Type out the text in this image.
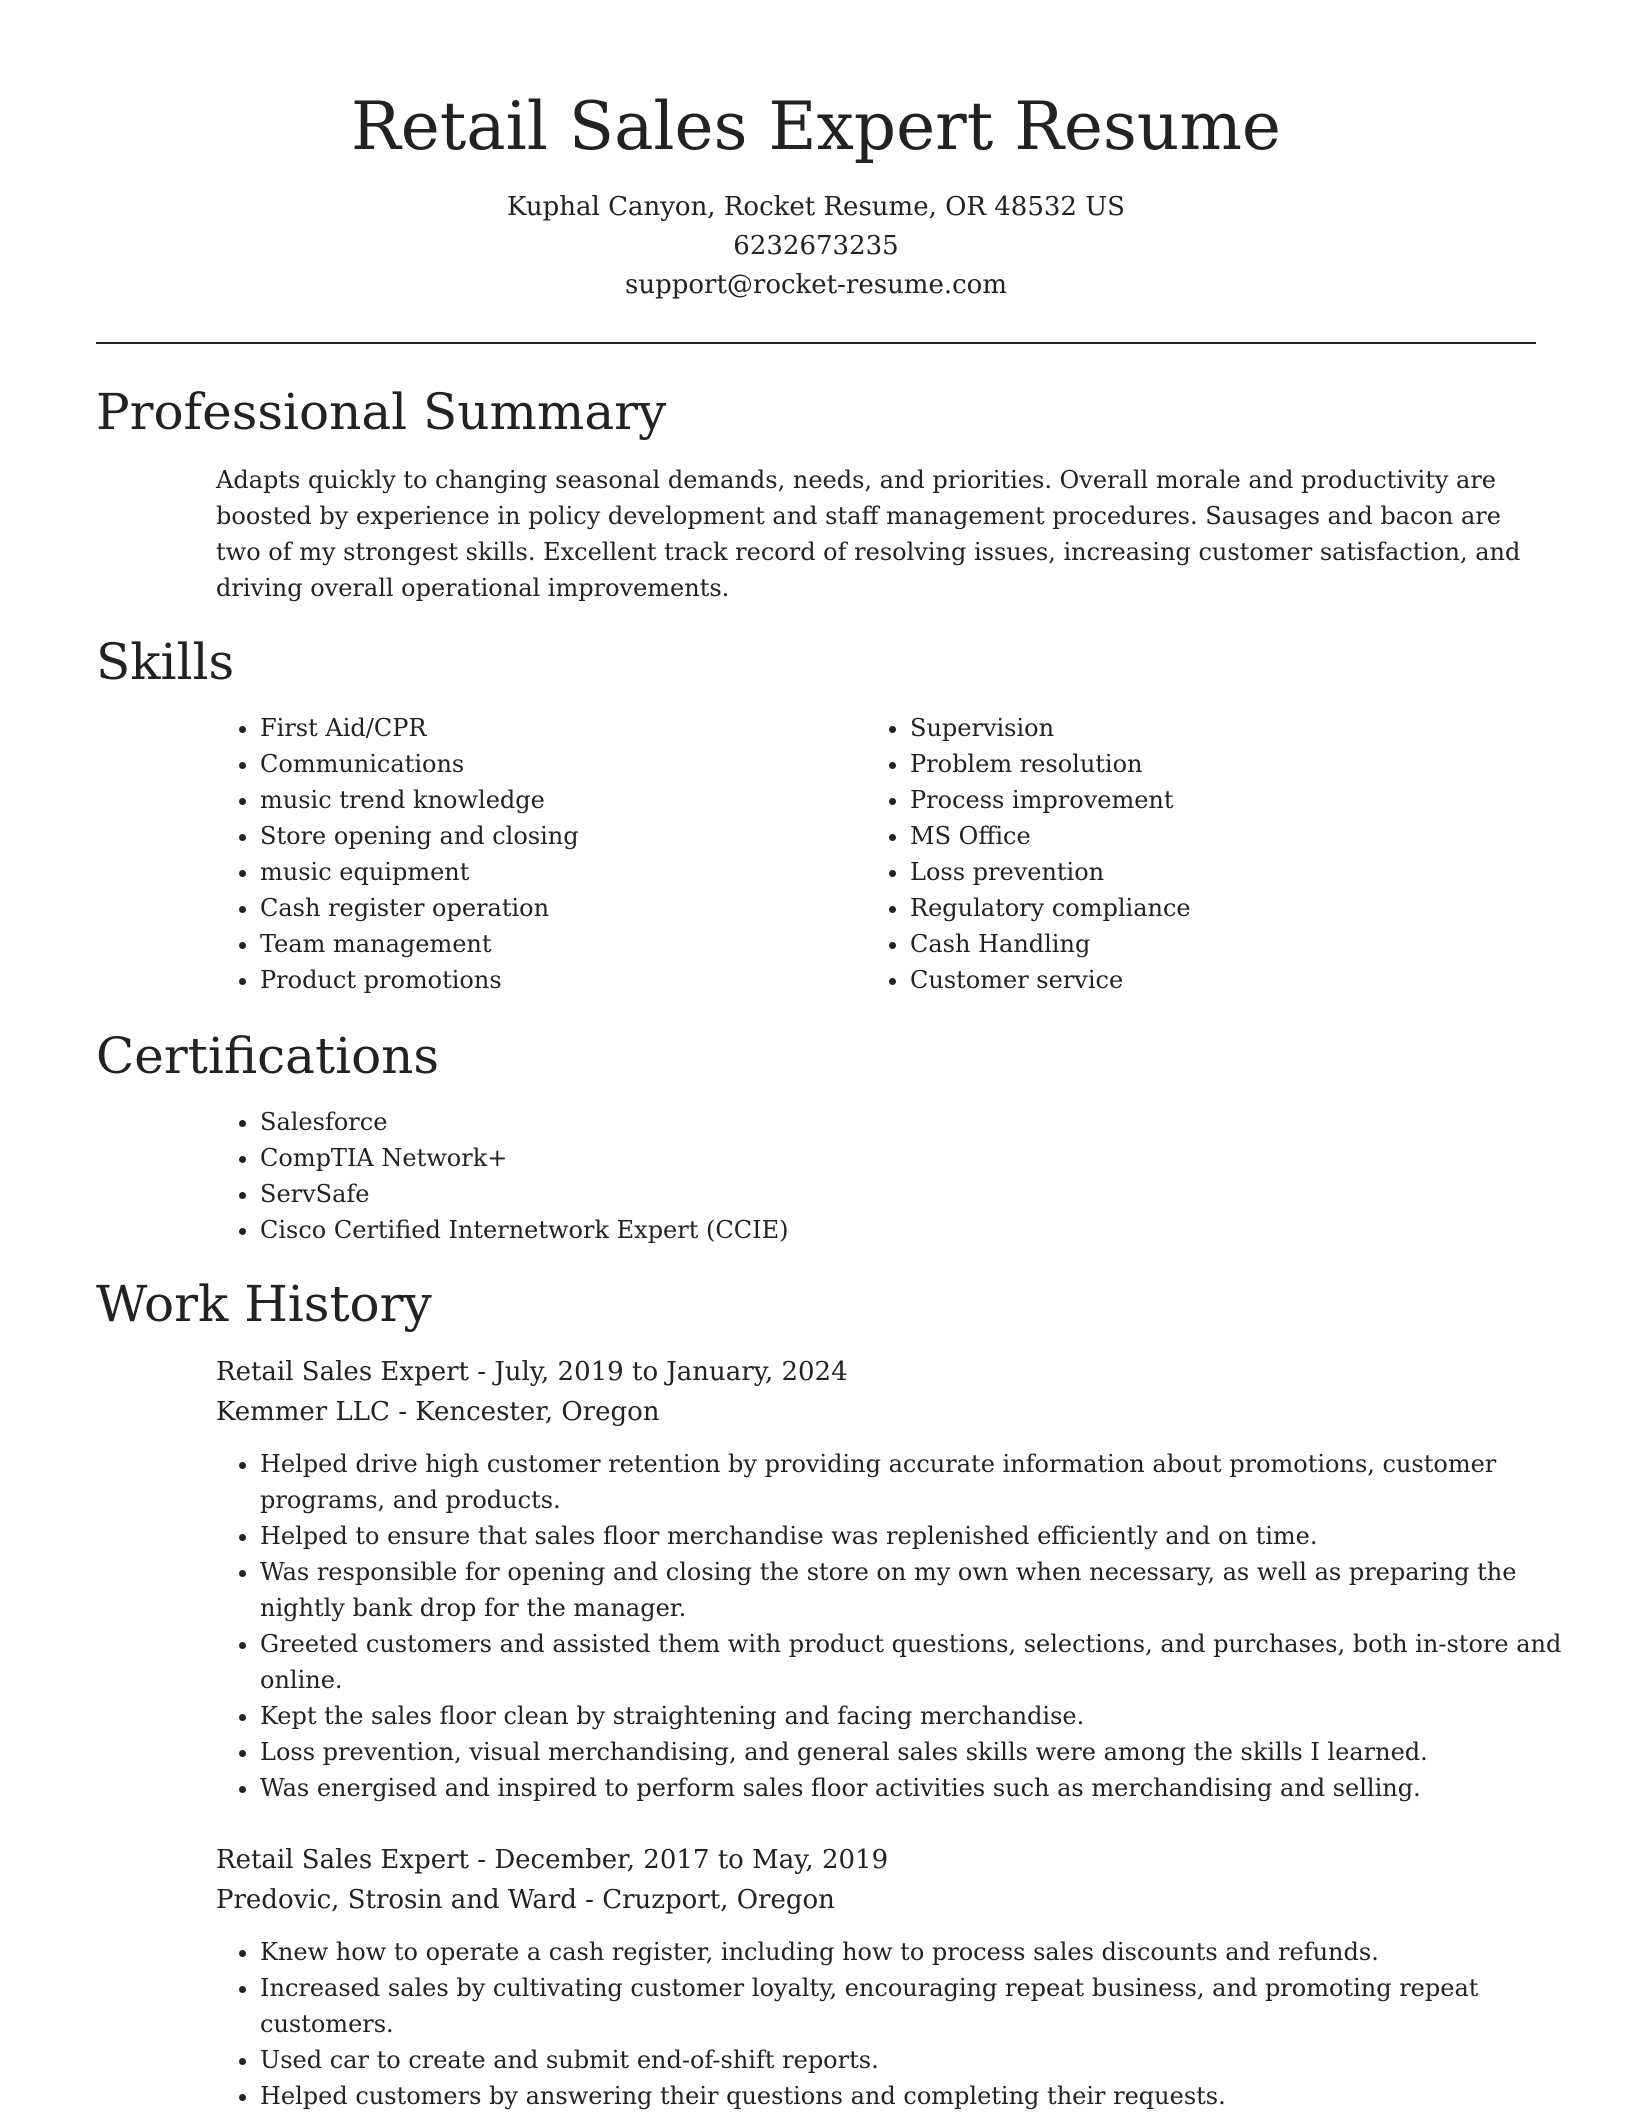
Retail Sales Expert Resume
Kuphal Canyon, Rocket Resume, OR 48532 US
6232673235
support@rocket-resume.com
Professional Summary

Adapts quickly to changing seasonal demands, needs, and priorities. Overall morale and productivity are boosted by experience in policy development and staff management procedures. Sausages and bacon are two of my strongest skills. Excellent track record of resolving issues, increasing customer satisfaction, and driving overall operational improvements.

Skills
• First Aid/CPR
• Communications
• music trend knowledge
• Store opening and closing
• music equipment
• Cash register operation
• Team management
• Product promotions
• Supervision
• Problem resolution
• Process improvement
• MS Office
• Loss prevention
• Regulatory compliance
• Cash Handling
• Customer service
Certifications
• Salesforce
• CompTIA Network+
• ServSafe
• Cisco Certified Internetwork Expert (CCIE)
Work History
Retail Sales Expert - July, 2019 to January, 2024
Kemmer LLC - Kencester, Oregon
• Helped drive high customer retention by providing accurate information about promotions, customer programs, and products.
• Helped to ensure that sales floor merchandise was replenished efficiently and on time.
• Was responsible for opening and closing the store on my own when necessary, as well as preparing the nightly bank drop for the manager.
• Greeted customers and assisted them with product questions, selections, and purchases, both in-store and online.
• Kept the sales floor clean by straightening and facing merchandise.
• Loss prevention, visual merchandising, and general sales skills were among the skills I learned.
• Was energised and inspired to perform sales floor activities such as merchandising and selling.
Retail Sales Expert - December, 2017 to May, 2019
Predovic, Strosin and Ward - Cruzport, Oregon
• Knew how to operate a cash register, including how to process sales discounts and refunds.
• Increased sales by cultivating customer loyalty, encouraging repeat business, and promoting repeat customers.
• Used car to create and submit end-of-shift reports.
• Helped customers by answering their questions and completing their requests.
